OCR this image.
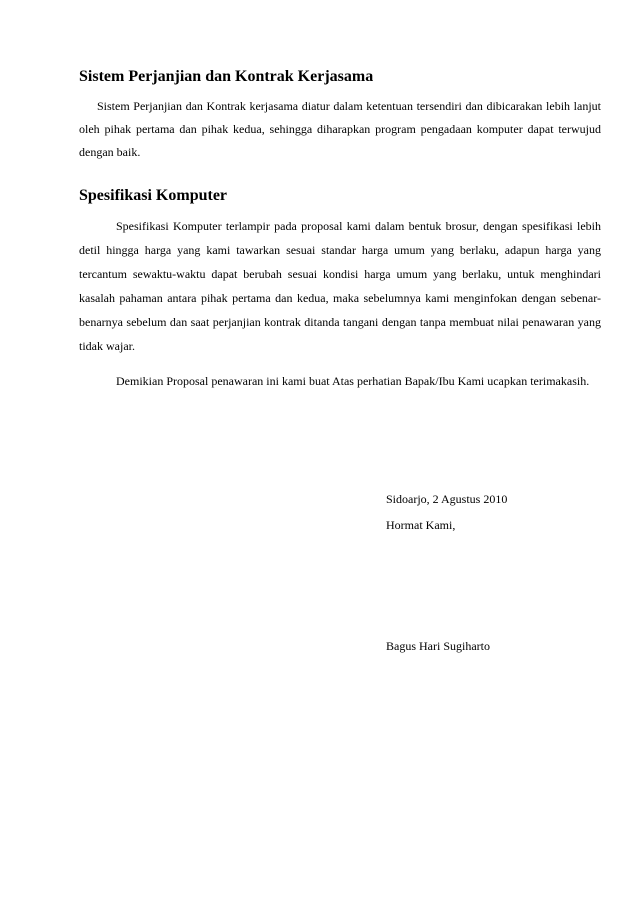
Sistem Perjanjian dan Kontrak Kerjasama

Sistem Perjanjian dan Kontrak kerjasama diatur dalam ketentuan tersendiri dan dibicarakan lebih lanjut oleh pihak pertama dan pihak kedua, sehingga diharapkan program pengadaan komputer dapat terwujud dengan baik.

Spesifikasi Komputer

Spesifikasi Komputer terlampir pada proposal kami dalam bentuk brosur, dengan spesifikasi lebih detil hingga harga yang kami tawarkan sesuai standar harga umum yang berlaku, adapun harga yang tercantum sewaktu-waktu dapat berubah sesuai kondisi harga umum yang berlaku, untuk menghindari kasalah pahaman antara pihak pertama dan kedua, maka sebelumnya kami menginfokan dengan sebenar-benarnya sebelum dan saat perjanjian kontrak ditanda tangani dengan tanpa membuat nilai penawaran yang tidak wajar.

Demikian Proposal penawaran ini kami buat Atas perhatian Bapak/Ibu Kami ucapkan terimakasih.

Sidoarjo, 2 Agustus 2010

Hormat Kami,

Bagus Hari Sugiharto
